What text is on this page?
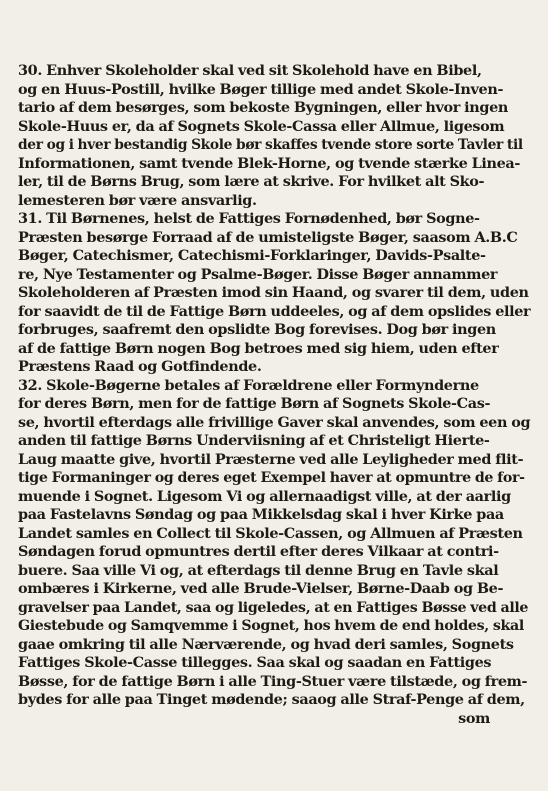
30. Enhver Skoleholder skal ved sit Skolehold have en Bibel,
og en Huus-Postill, hvilke Bøger tillige med andet Skole-Inven-
tario af dem besørges, som bekoste Bygningen, eller hvor ingen
Skole-Huus er, da af Sognets Skole-Cassa eller Allmue, ligesom
der og i hver bestandig Skole bør skaffes tvende store sorte Tavler til
Informationen, samt tvende Blek-Horne, og tvende stærke Linea-
ler, til de Børns Brug, som lære at skrive. For hvilket alt Sko-
lemesteren bør være ansvarlig.
31. Til Børnenes, helst de Fattiges Fornødenhed, bør Sogne-
Præsten besørge Forraad af de umisteligste Bøger, saasom A.B.C
Bøger, Catechismer, Catechismi-Forklaringer, Davids-Psalte-
re, Nye Testamenter og Psalme-Bøger. Disse Bøger annammer
Skoleholderen af Præsten imod sin Haand, og svarer til dem, uden
for saavidt de til de Fattige Børn uddeeles, og af dem opslides eller
forbruges, saafremt den opslidte Bog forevises. Dog bør ingen
af de fattige Børn nogen Bog betroes med sig hiem, uden efter
Præstens Raad og Gotfindende.
32. Skole-Bøgerne betales af Forældrene eller Formynderne
for deres Børn, men for de fattige Børn af Sognets Skole-Cas-
se, hvortil efterdags alle frivillige Gaver skal anvendes, som een og
anden til fattige Børns Underviisning af et Christeligt Hierte-
Laug maatte give, hvortil Præsterne ved alle Leyligheder med flit-
tige Formaninger og deres eget Exempel haver at opmuntre de for-
muende i Sognet. Ligesom Vi og allernaadigst ville, at der aarlig
paa Fastelavns Søndag og paa Mikkelsdag skal i hver Kirke paa
Landet samles en Collect til Skole-Cassen, og Allmuen af Præsten
Søndagen forud opmuntres dertil efter deres Vilkaar at contri-
buere. Saa ville Vi og, at efterdags til denne Brug en Tavle skal
ombæres i Kirkerne, ved alle Brude-Vielser, Børne-Daab og Be-
gravelser paa Landet, saa og ligeledes, at en Fattiges Bøsse ved alle
Giestebude og Samqvemme i Sognet, hos hvem de end holdes, skal
gaae omkring til alle Nærværende, og hvad deri samles, Sognets
Fattiges Skole-Casse tillegges. Saa skal og saadan en Fattiges
Bøsse, for de fattige Børn i alle Ting-Stuer være tilstæde, og frem-
bydes for alle paa Tinget mødende; saaog alle Straf-Penge af dem,
som
